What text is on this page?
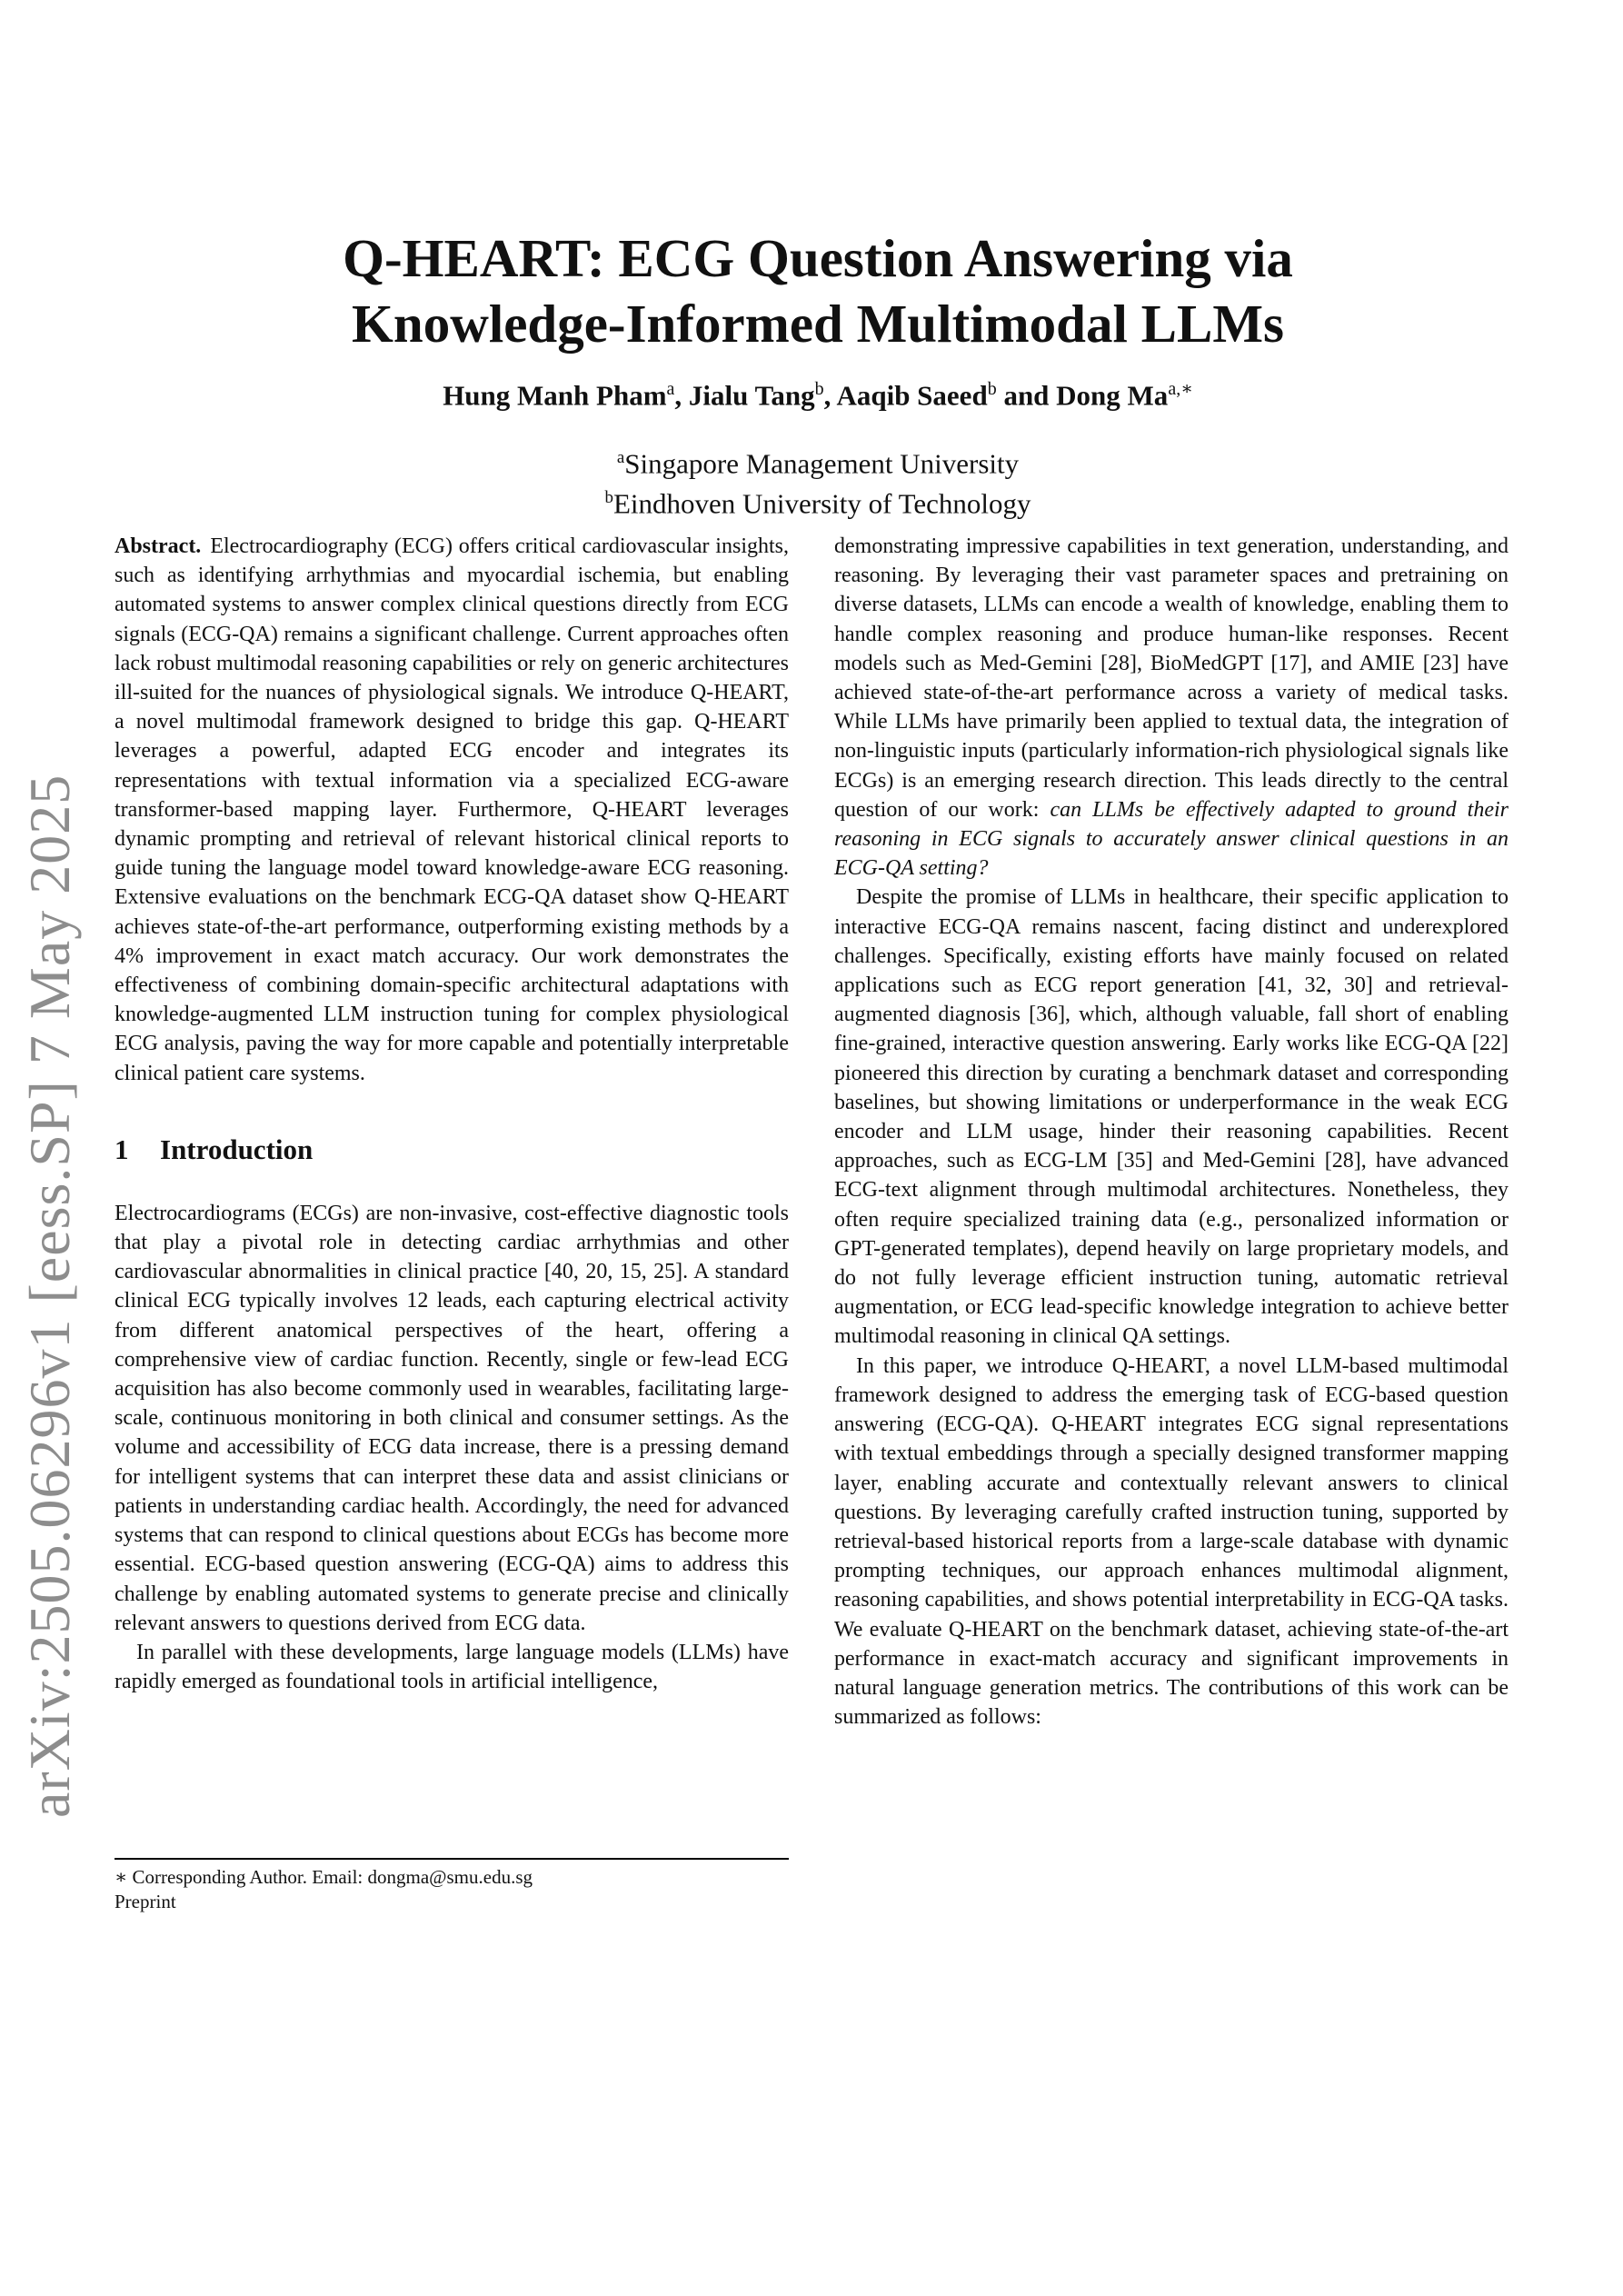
arXiv:2505.06296v1 [eess.SP] 7 May 2025
Q-HEART: ECG Question Answering via
Knowledge-Informed Multimodal LLMs
Hung Manh Pham$^a$, Jialu Tang$^b$, Aaqib Saeed$^b$ and Dong $Ma^{a,∗}$
$^a$Singapore Management University
$^b$Eindhoven University of Technology

Abstract. Electrocardiography (ECG) offers critical cardiovascular insights, such as identifying arrhythmias and myocardial ischemia, but enabling automated systems to answer complex clinical questions directly from ECG signals (ECG-QA) remains a significant challenge. Current approaches often lack robust multimodal reasoning capabilities or rely on generic architectures ill-suited for the nuances of physiological signals. We introduce Q-HEART, a novel multimodal framework designed to bridge this gap. Q-HEART leverages a powerful, adapted ECG encoder and integrates its representations with textual information via a specialized ECG-aware transformer-based mapping layer. Furthermore, Q-HEART leverages dynamic prompting and retrieval of relevant historical clinical reports to guide tuning the language model toward knowledge-aware ECG reasoning. Extensive evaluations on the benchmark ECG-QA dataset show Q-HEART achieves state-of-the-art performance, outperforming existing methods by a 4% improvement in exact match accuracy. Our work demonstrates the effectiveness of combining domain-specific architectural adaptations with knowledge-augmented LLM instruction tuning for complex physiological ECG analysis, paving the way for more capable and potentially interpretable clinical patient care systems.

1 Introduction

Electrocardiograms (ECGs) are non-invasive, cost-effective diagnostic tools that play a pivotal role in detecting cardiac arrhythmias and other cardiovascular abnormalities in clinical practice [40, 20, 15, 25]. A standard clinical ECG typically involves 12 leads, each capturing electrical activity from different anatomical perspectives of the heart, offering a comprehensive view of cardiac function. Recently, single or few-lead ECG acquisition has also become commonly used in wearables, facilitating large-scale, continuous monitoring in both clinical and consumer settings. As the volume and accessibility of ECG data increase, there is a pressing demand for intelligent systems that can interpret these data and assist clinicians or patients in understanding cardiac health. Accordingly, the need for advanced systems that can respond to clinical questions about ECGs has become more essential. ECG-based question answering (ECG-QA) aims to address this challenge by enabling automated systems to generate precise and clinically relevant answers to questions derived from ECG data.

In parallel with these developments, large language models (LLMs) have rapidly emerged as foundational tools in artificial intelligence,

∗ Corresponding Author. Email: dongma@smu.edu.sg
Preprint

demonstrating impressive capabilities in text generation, understanding, and reasoning. By leveraging their vast parameter spaces and pretraining on diverse datasets, LLMs can encode a wealth of knowledge, enabling them to handle complex reasoning and produce human-like responses. Recent models such as Med-Gemini [28], BioMedGPT [17], and AMIE [23] have achieved state-of-the-art performance across a variety of medical tasks. While LLMs have primarily been applied to textual data, the integration of non-linguistic inputs (particularly information-rich physiological signals like ECGs) is an emerging research direction. This leads directly to the central question of our work: can LLMs be effectively adapted to ground their reasoning in ECG signals to accurately answer clinical questions in an ECG-QA setting?

Despite the promise of LLMs in healthcare, their specific application to interactive ECG-QA remains nascent, facing distinct and underexplored challenges. Specifically, existing efforts have mainly focused on related applications such as ECG report generation [41, 32, 30] and retrieval-augmented diagnosis [36], which, although valuable, fall short of enabling fine-grained, interactive question answering. Early works like ECG-QA [22] pioneered this direction by curating a benchmark dataset and corresponding baselines, but showing limitations or underperformance in the weak ECG encoder and LLM usage, hinder their reasoning capabilities. Recent approaches, such as ECG-LM [35] and Med-Gemini [28], have advanced ECG-text alignment through multimodal architectures. Nonetheless, they often require specialized training data (e.g., personalized information or GPT-generated templates), depend heavily on large proprietary models, and do not fully leverage efficient instruction tuning, automatic retrieval augmentation, or ECG lead-specific knowledge integration to achieve better multimodal reasoning in clinical QA settings.

In this paper, we introduce Q-HEART, a novel LLM-based multimodal framework designed to address the emerging task of ECG-based question answering (ECG-QA). Q-HEART integrates ECG signal representations with textual embeddings through a specially designed transformer mapping layer, enabling accurate and contextually relevant answers to clinical questions. By leveraging carefully crafted instruction tuning, supported by retrieval-based historical reports from a large-scale database with dynamic prompting techniques, our approach enhances multimodal alignment, reasoning capabilities, and shows potential interpretability in ECG-QA tasks. We evaluate Q-HEART on the benchmark dataset, achieving state-of-the-art performance in exact-match accuracy and significant improvements in natural language generation metrics. The contributions of this work can be summarized as follows:
